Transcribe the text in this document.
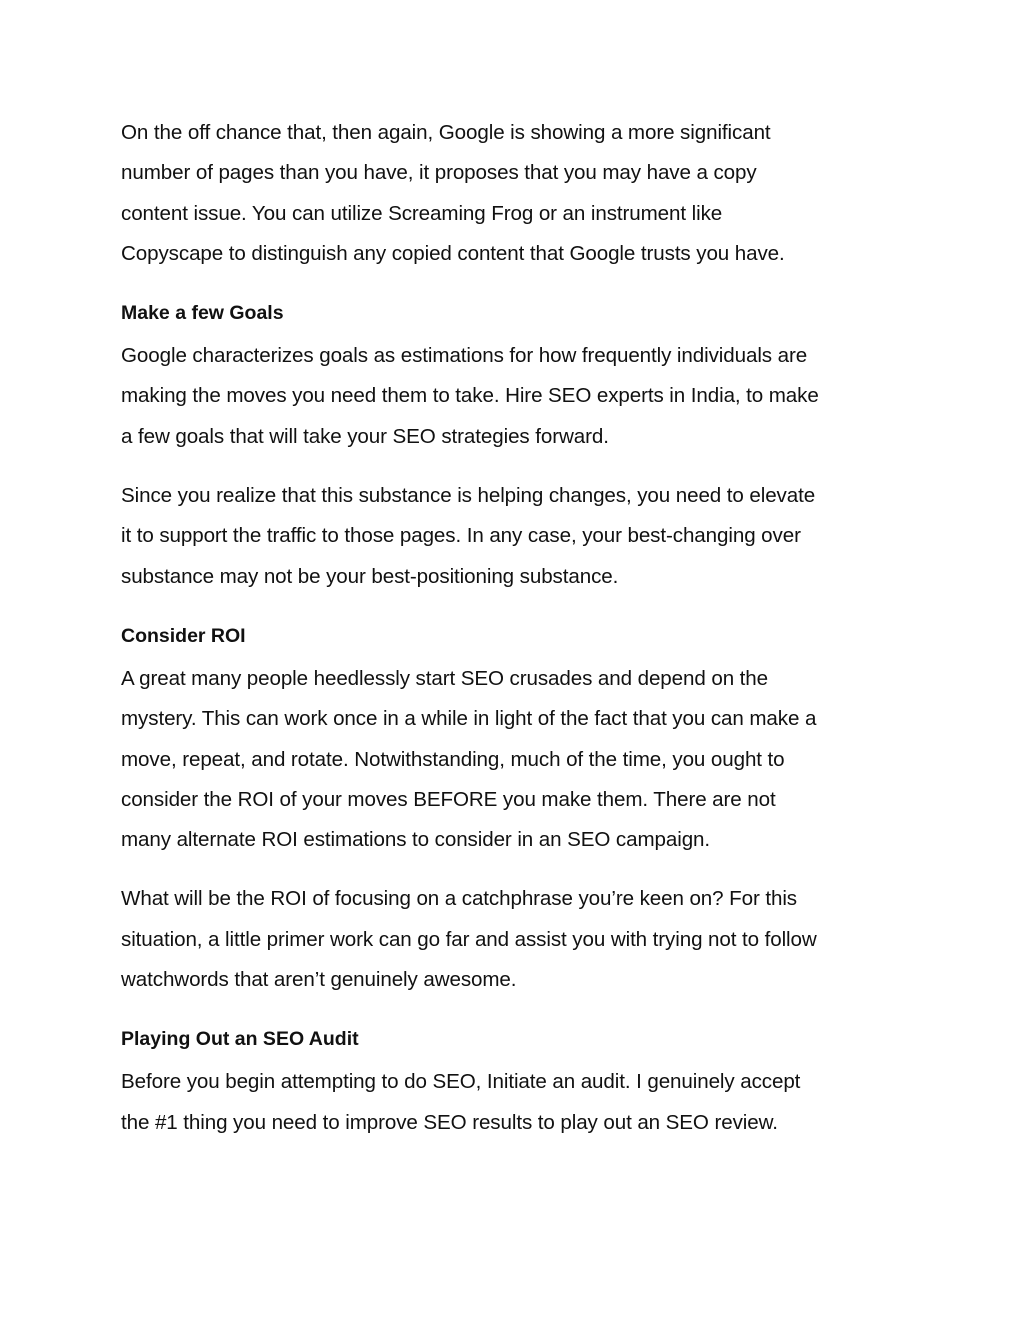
On the off chance that, then again, Google is showing a more significant
number of pages than you have, it proposes that you may have a copy
content issue. You can utilize Screaming Frog or an instrument like
Copyscape to distinguish any copied content that Google trusts you have.

Make a few Goals

Google characterizes goals as estimations for how frequently individuals are
making the moves you need them to take. Hire SEO experts in India, to make
a few goals that will take your SEO strategies forward.

Since you realize that this substance is helping changes, you need to elevate
it to support the traffic to those pages. In any case, your best-changing over
substance may not be your best-positioning substance.

Consider ROI

A great many people heedlessly start SEO crusades and depend on the
mystery. This can work once in a while in light of the fact that you can make a
move, repeat, and rotate. Notwithstanding, much of the time, you ought to
consider the ROI of your moves BEFORE you make them. There are not
many alternate ROI estimations to consider in an SEO campaign.

What will be the ROI of focusing on a catchphrase you’re keen on? For this
situation, a little primer work can go far and assist you with trying not to follow
watchwords that aren’t genuinely awesome.

Playing Out an SEO Audit

Before you begin attempting to do SEO, Initiate an audit. I genuinely accept
the #1 thing you need to improve SEO results to play out an SEO review.
